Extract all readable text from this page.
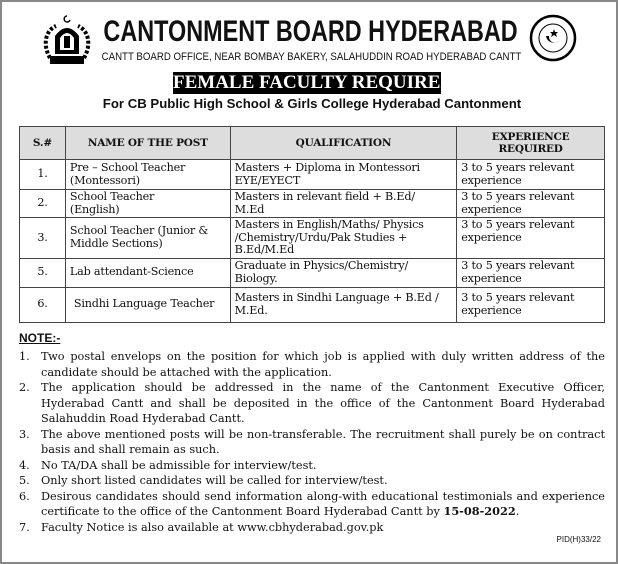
CANTONMENT BOARD HYDERABAD
CANTT BOARD OFFICE, NEAR BOMBAY BAKERY, SALAHUDDIN ROAD HYDERABAD CANTT
FEMALE FACULTY REQUIRED
For CB Public High School & Girls College Hyderabad Cantonment
S.#	NAME OF THE POST	QUALIFICATION	EXPERIENCE REQUIRED
1.	Pre – School Teacher (Montessori)	Masters + Diploma in Montessori EYE/EYECT	3 to 5 years relevant experience
2.	School Teacher (English)	Masters in relevant field + B.Ed/ M.Ed	3 to 5 years relevant experience
3.	School Teacher (Junior & Middle Sections)	Masters in English/Maths/ Physics /Chemistry/Urdu/Pak Studies + B.Ed/M.Ed	3 to 5 years relevant experience
5.	Lab attendant-Science	Graduate in Physics/Chemistry/ Biology.	3 to 5 years relevant experience
6.	Sindhi Language Teacher	Masters in Sindhi Language + B.Ed / M.Ed.	3 to 5 years relevant experience
NOTE:-
1. Two postal envelops on the position for which job is applied with duly written address of the candidate should be attached with the application.
2. The application should be addressed in the name of the Cantonment Executive Officer, Hyderabad Cantt and shall be deposited in the office of the Cantonment Board Hyderabad Salahuddin Road Hyderabad Cantt.
3. The above mentioned posts will be non-transferable. The recruitment shall purely be on contract basis and shall remain as such.
4. No TA/DA shall be admissible for interview/test.
5. Only short listed candidates will be called for interview/test.
6. Desirous candidates should send information along-with educational testimonials and experience certificate to the office of the Cantonment Board Hyderabad Cantt by 15-08-2022.
7. Faculty Notice is also available at www.cbhyderabad.gov.pk
PID(H)33/22
